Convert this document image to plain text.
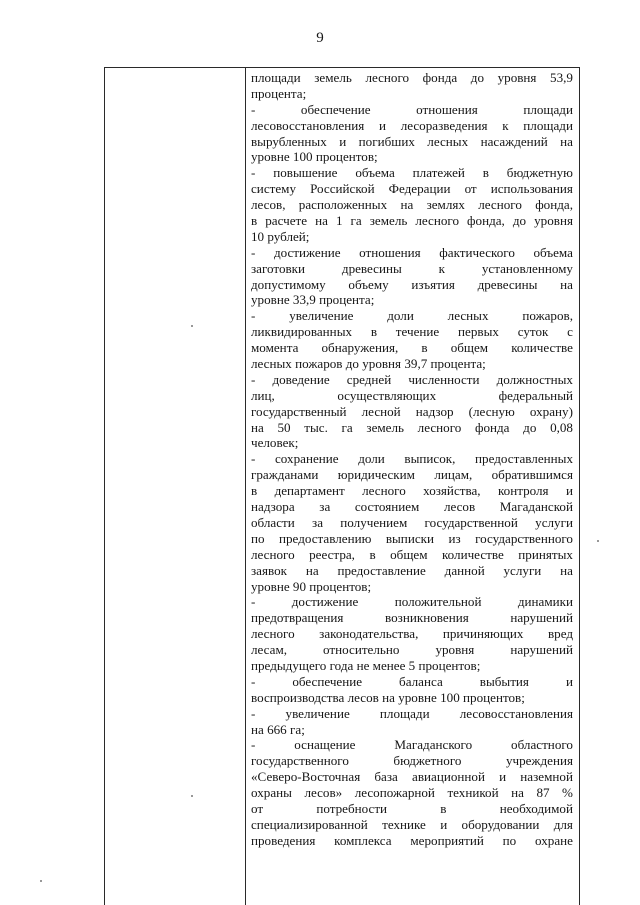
9
площади земель лесного фонда до уровня 53,9
процента;
-	обеспечение	отношения	площади
лесовосстановления и лесоразведения к площади
вырубленных и погибших лесных насаждений на
уровне 100 процентов;
- повышение объема платежей в бюджетную
систему Российской Федерации от использования
лесов, расположенных на землях лесного фонда,
в расчете на 1 га земель лесного фонда, до уровня
10 рублей;
- достижение отношения фактического объема
заготовки	древесины	к	установленному
допустимому объему изъятия древесины на
уровне 33,9 процента;
-	увеличение	доли	лесных	пожаров,
ликвидированных в течение первых суток с
момента обнаружения, в общем количестве
лесных пожаров до уровня 39,7 процента;
- доведение средней численности должностных
лиц,	осуществляющих	федеральный
государственный лесной надзор (лесную охрану)
на 50 тыс. га земель лесного фонда до 0,08
человек;
- сохранение доли выписок, предоставленных
гражданами юридическим лицам, обратившимся
в департамент лесного хозяйства, контроля и
надзора за состоянием лесов Магаданской
области за получением государственной услуги
по предоставлению выписки из государственного
лесного реестра, в общем количестве принятых
заявок на предоставление данной услуги на
уровне 90 процентов;
-	достижение	положительной	динамики
предотвращения	возникновения	нарушений
лесного законодательства, причиняющих вред
лесам,	относительно	уровня	нарушений
предыдущего года не менее 5 процентов;
-	обеспечение	баланса	выбытия	и
воспроизводства лесов на уровне 100 процентов;
- увеличение площади лесовосстановления
на 666 га;
-	оснащение	Магаданского	областного
государственного	бюджетного	учреждения
«Северо-Восточная база авиационной и наземной
охраны лесов» лесопожарной техникой на 87 %
от	потребности	в	необходимой
специализированной технике и оборудовании для
проведения комплекса мероприятий по охране
